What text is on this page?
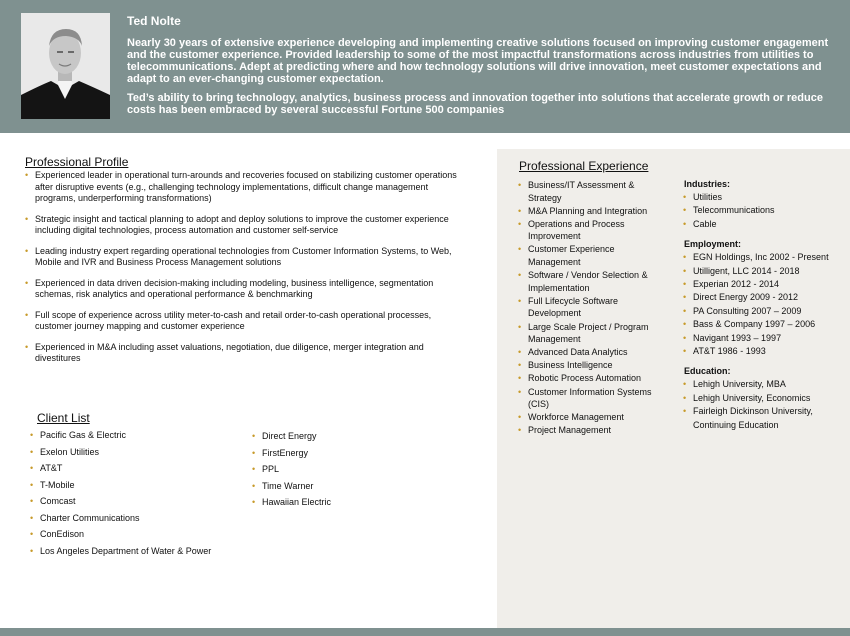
Ted Nolte

Nearly 30 years of extensive experience developing and implementing creative solutions focused on improving customer engagement and the customer experience. Provided leadership to some of the most impactful transformations across industries from utilities to telecommunications. Adept at predicting where and how technology solutions will drive innovation, meet customer expectations and adapt to an ever-changing customer expectation.

Ted’s ability to bring technology, analytics, business process and innovation together into solutions that accelerate growth or reduce costs has been embraced by several successful Fortune 500 companies

Professional Profile
• Experienced leader in operational turn-arounds and recoveries focused on stabilizing customer operations after disruptive events (e.g., challenging technology implementations, difficult change management programs, underperforming transformations)
• Strategic insight and tactical planning to adopt and deploy solutions to improve the customer experience including digital technologies, process automation and customer self-service
• Leading industry expert regarding operational technologies from Customer Information Systems, to Web, Mobile and IVR and Business Process Management solutions
• Experienced in data driven decision-making including modeling, business intelligence, segmentation schemas, risk analytics and operational performance & benchmarking
• Full scope of experience across utility meter-to-cash and retail order-to-cash operational processes, customer journey mapping and customer experience
• Experienced in M&A including asset valuations, negotiation, due diligence, merger integration and divestitures
Client List
• Pacific Gas & Electric
• Exelon Utilities
• AT&T
• T-Mobile
• Comcast
• Charter Communications
• ConEdison
• Los Angeles Department of Water & Power
• Direct Energy
• FirstEnergy
• PPL
• Time Warner
• Hawaiian Electric
Professional Experience
• Business/IT Assessment & Strategy
• M&A Planning and Integration
• Operations and Process Improvement
• Customer Experience Management
• Software / Vendor Selection & Implementation
• Full Lifecycle Software Development
• Large Scale Project / Program Management
• Advanced Data Analytics
• Business Intelligence
• Robotic Process Automation
• Customer Information Systems (CIS)
• Workforce Management
• Project Management
Industries:
• Utilities
• Telecommunications
• Cable
Employment:
• EGN Holdings, Inc 2002 - Present
• Utilligent, LLC 2014 - 2018
• Experian 2012 - 2014
• Direct Energy 2009 - 2012
• PA Consulting 2007 – 2009
• Bass & Company 1997 – 2006
• Navigant 1993 – 1997
• AT&T 1986 - 1993
Education:
• Lehigh University, MBA
• Lehigh University, Economics
• Fairleigh Dickinson University, Continuing Education
